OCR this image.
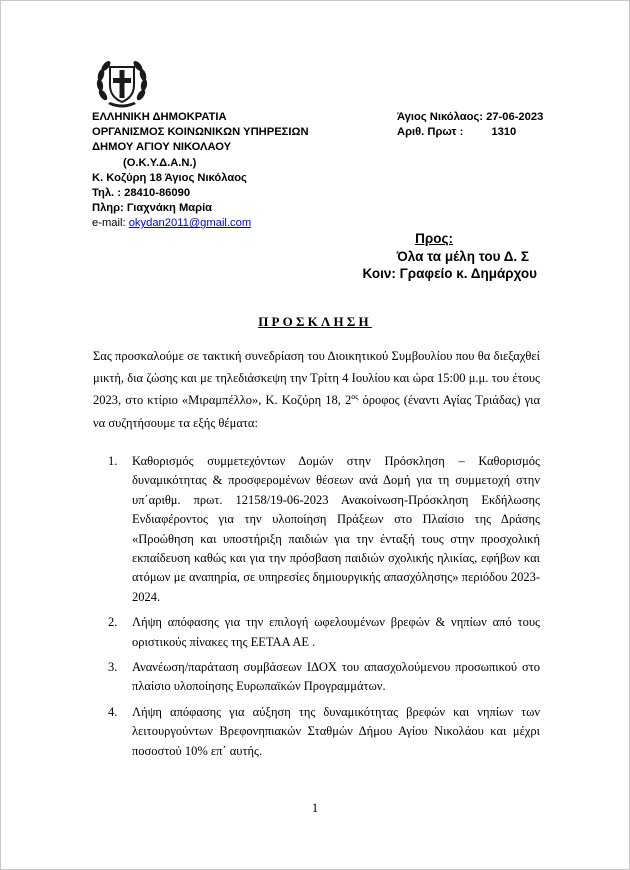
ΕΛΛΗΝΙΚΗ ΔΗΜΟΚΡΑΤΙΑ
ΟΡΓΑΝΙΣΜΟΣ ΚΟΙΝΩΝΙΚΩΝ ΥΠΗΡΕΣΙΩΝ
ΔΗΜΟΥ ΑΓΙΟΥ ΝΙΚΟΛΑΟΥ
(Ο.Κ.Υ.Δ.Α.Ν.)
Κ. Κοζύρη 18 Άγιος Νικόλαος
Τηλ. : 28410-86090
Πληρ: Γιαχνάκη Μαρία
e-mail: okydan2011@gmail.com
Άγιος Νικόλαος: 27-06-2023
Αριθ. Πρωτ :	1310
Προς:
Όλα τα μέλη του Δ. Σ
Κοιν: Γραφείο κ. Δημάρχου
ΠΡΟΣΚΛΗΣΗ
Σας προσκαλούμε σε τακτική συνεδρίαση του Διοικητικού Συμβουλίου που θα διεξαχθεί μικτή, δια ζώσης και με τηλεδιάσκεψη την Τρίτη 4 Ιουλίου και ώρα 15:00 μ.μ. του έτους 2023, στο κτίριο «Μιραμπέλλο», Κ. Κοζύρη 18, $2^{o\varsigma}$ όροφος (έναντι Αγίας Τριάδας) για να συζητήσουμε τα εξής θέματα:
1. Καθορισμός συμμετεχόντων Δομών στην Πρόσκληση – Καθορισμός δυναμικότητας & προσφερομένων θέσεων ανά Δομή για τη συμμετοχή στην υπ΄αριθμ. πρωτ. 12158/19-06-2023 Ανακοίνωση-Πρόσκληση Εκδήλωσης Ενδιαφέροντος για την υλοποίηση Πράξεων στο Πλαίσιο της Δράσης «Προώθηση και υποστήριξη παιδιών για την ένταξή τους στην προσχολική εκπαίδευση καθώς και για την πρόσβαση παιδιών σχολικής ηλικίας, εφήβων και ατόμων με αναπηρία, σε υπηρεσίες δημιουργικής απασχόλησης» περιόδου 2023-2024.
2. Λήψη απόφασης για την επιλογή ωφελουμένων βρεφών & νηπίων από τους οριστικούς πίνακες της ΕΕΤΑΑ ΑΕ .
3. Ανανέωση/παράταση συμβάσεων ΙΔΟΧ του απασχολούμενου προσωπικού στο πλαίσιο υλοποίησης Ευρωπαϊκών Προγραμμάτων.
4. Λήψη απόφασης για αύξηση της δυναμικότητας βρεφών και νηπίων των λειτουργούντων Βρεφονηπιακών Σταθμών Δήμου Αγίου Νικολάου και μέχρι ποσοστού 10% επ΄ αυτής.
1
